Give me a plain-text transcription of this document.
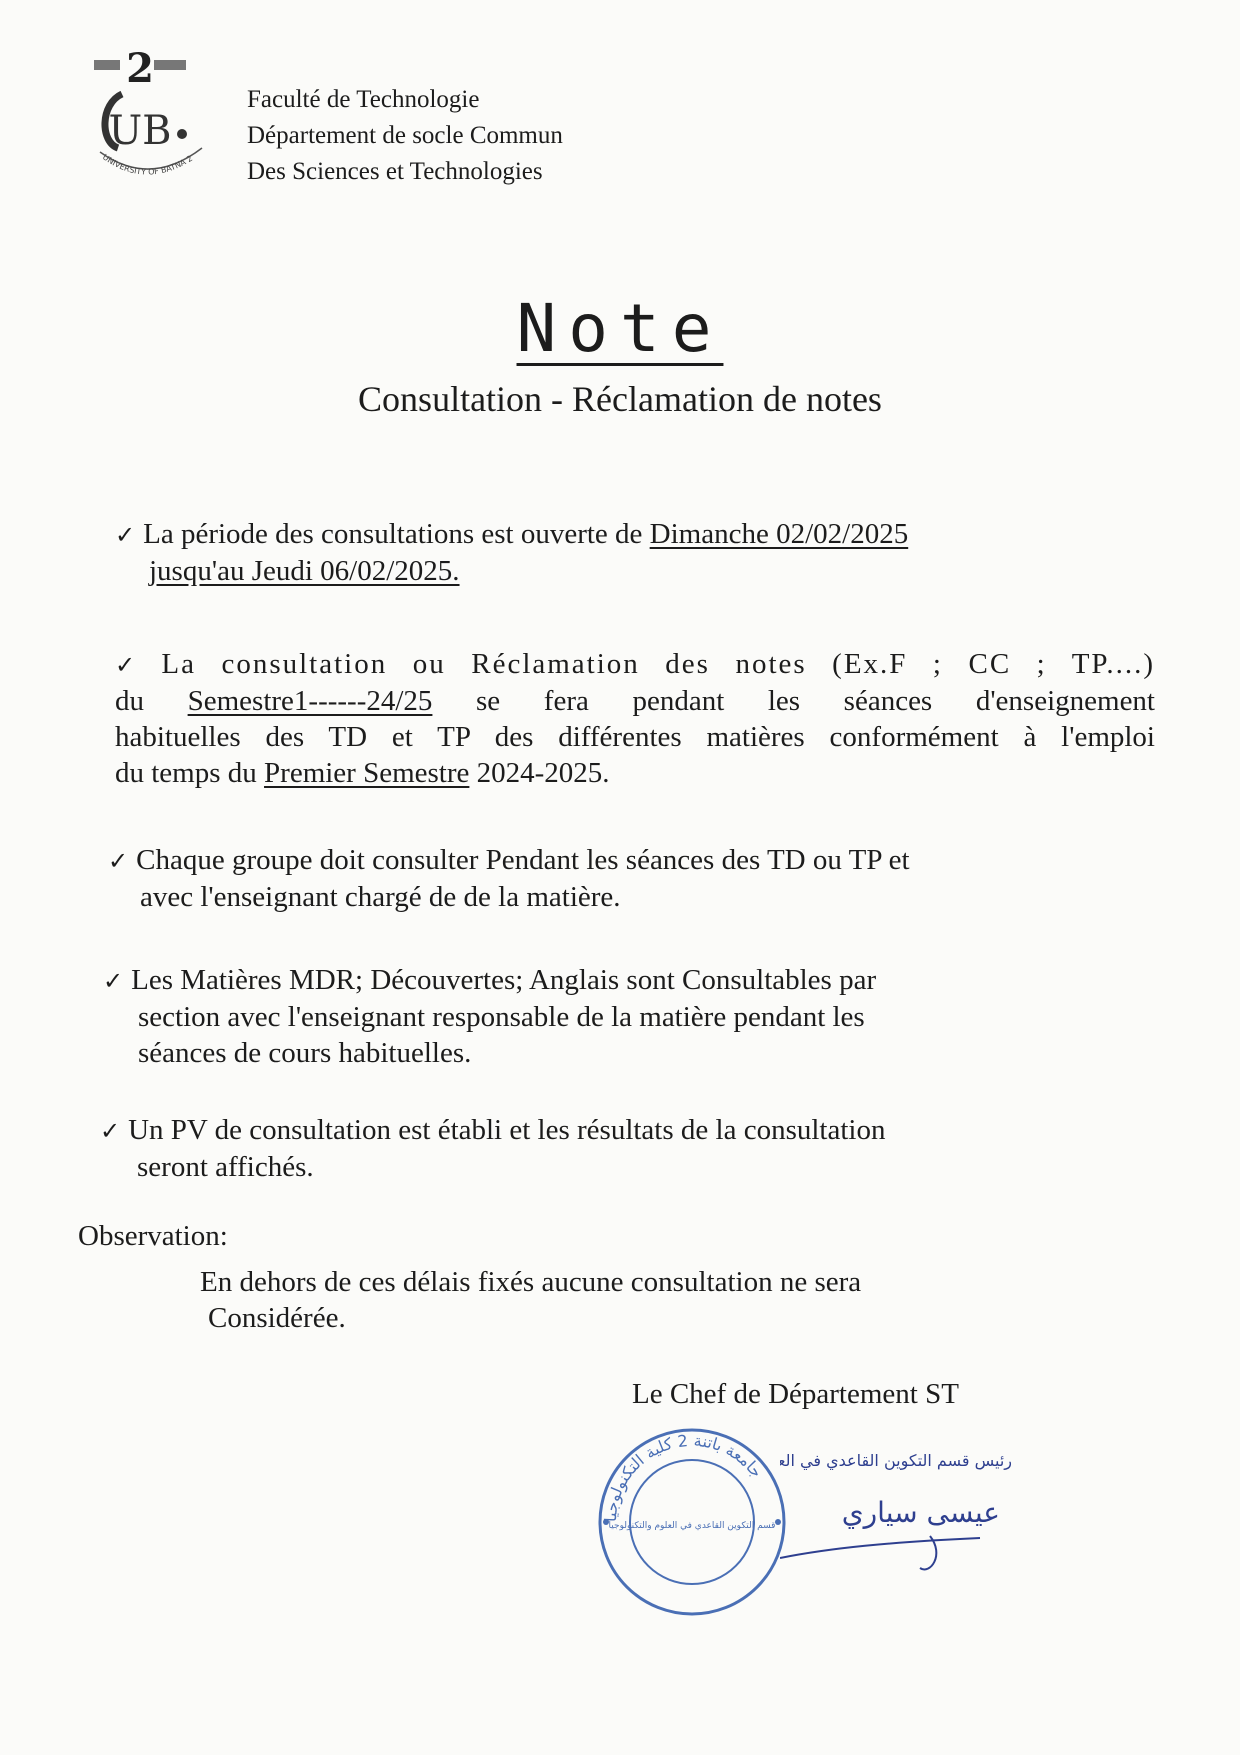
2
UB
UNIVERSITY OF BATNA 2
Faculté de Technologie
Département de socle Commun
Des Sciences et Technologies
Note
Consultation - Réclamation de notes
✓ La période des consultations est ouverte de Dimanche 02/02/2025
jusqu'au Jeudi 06/02/2025.
✓ La consultation ou Réclamation des notes (Ex.F ; CC ; TP....)
du Semestre1------24/25 se fera pendant les séances d'enseignement
habituelles des TD et TP des différentes matières conformément à l'emploi
du temps du Premier Semestre 2024-2025.
✓ Chaque groupe doit consulter Pendant les séances des TD ou TP et
avec l'enseignant chargé de de la matière.
✓ Les Matières MDR; Découvertes; Anglais sont Consultables par
section avec l'enseignant responsable de la matière pendant les
séances de cours habituelles.
✓ Un PV de consultation est établi et les résultats de la consultation
seront affichés.
Observation:
En dehors de ces délais fixés aucune consultation ne sera
Considérée.
Le Chef de Département ST
جامعة باتنة 2 كلية التكنولوجيا
قسم التكوين القاعدي في العلوم والتكنولوجيا
رئيس قسم التكوين القاعدي في الع
عيسى سياري
